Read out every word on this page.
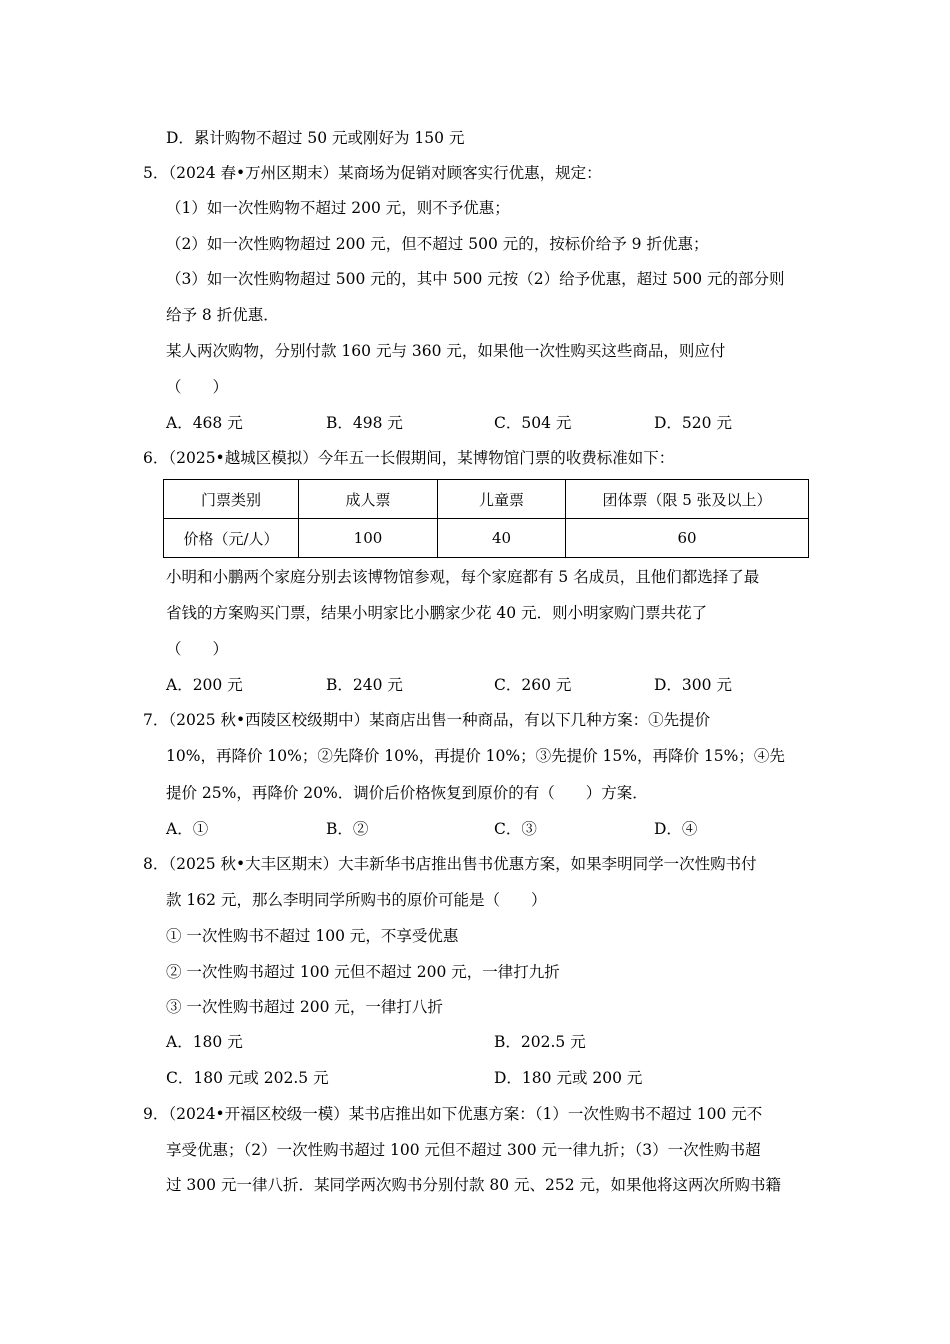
D．累计购物不超过 50 元或刚好为 150 元
5．（2024 春•万州区期末）某商场为促销对顾客实行优惠，规定：
（1）如一次性购物不超过 200 元，则不予优惠；
（2）如一次性购物超过 200 元，但不超过 500 元的，按标价给予 9 折优惠；
（3）如一次性购物超过 500 元的，其中 500 元按（2）给予优惠，超过 500 元的部分则
给予 8 折优惠．
某人两次购物，分别付款 160 元与 360 元，如果他一次性购买这些商品，则应付
（　　）
A．468 元	B．498 元	C．504 元	D．520 元
6．（2025•越城区模拟）今年五一长假期间，某博物馆门票的收费标准如下：
门票类别	成人票	儿童票	团体票（限 5 张及以上）
价格（元/人）	100	40	60
小明和小鹏两个家庭分别去该博物馆参观，每个家庭都有 5 名成员，且他们都选择了最
省钱的方案购买门票，结果小明家比小鹏家少花 40 元．则小明家购门票共花了
（　　）
A．200 元	B．240 元	C．260 元	D．300 元
7．（2025 秋•西陵区校级期中）某商店出售一种商品，有以下几种方案：①先提价
10%，再降价 10%；②先降价 10%，再提价 10%；③先提价 15%，再降价 15%；④先
提价 25%，再降价 20%．调价后价格恢复到原价的有（　　）方案．
A．①	B．②	C．③	D．④
8．（2025 秋•大丰区期末）大丰新华书店推出售书优惠方案，如果李明同学一次性购书付
款 162 元，那么李明同学所购书的原价可能是（　　）
① 一次性购书不超过 100 元，不享受优惠
② 一次性购书超过 100 元但不超过 200 元，一律打九折
③ 一次性购书超过 200 元，一律打八折
A．180 元	B．202.5 元
C．180 元或 202.5 元	D．180 元或 200 元
9．（2024•开福区校级一模）某书店推出如下优惠方案：（1）一次性购书不超过 100 元不
享受优惠；（2）一次性购书超过 100 元但不超过 300 元一律九折；（3）一次性购书超
过 300 元一律八折．某同学两次购书分别付款 80 元、252 元，如果他将这两次所购书籍
